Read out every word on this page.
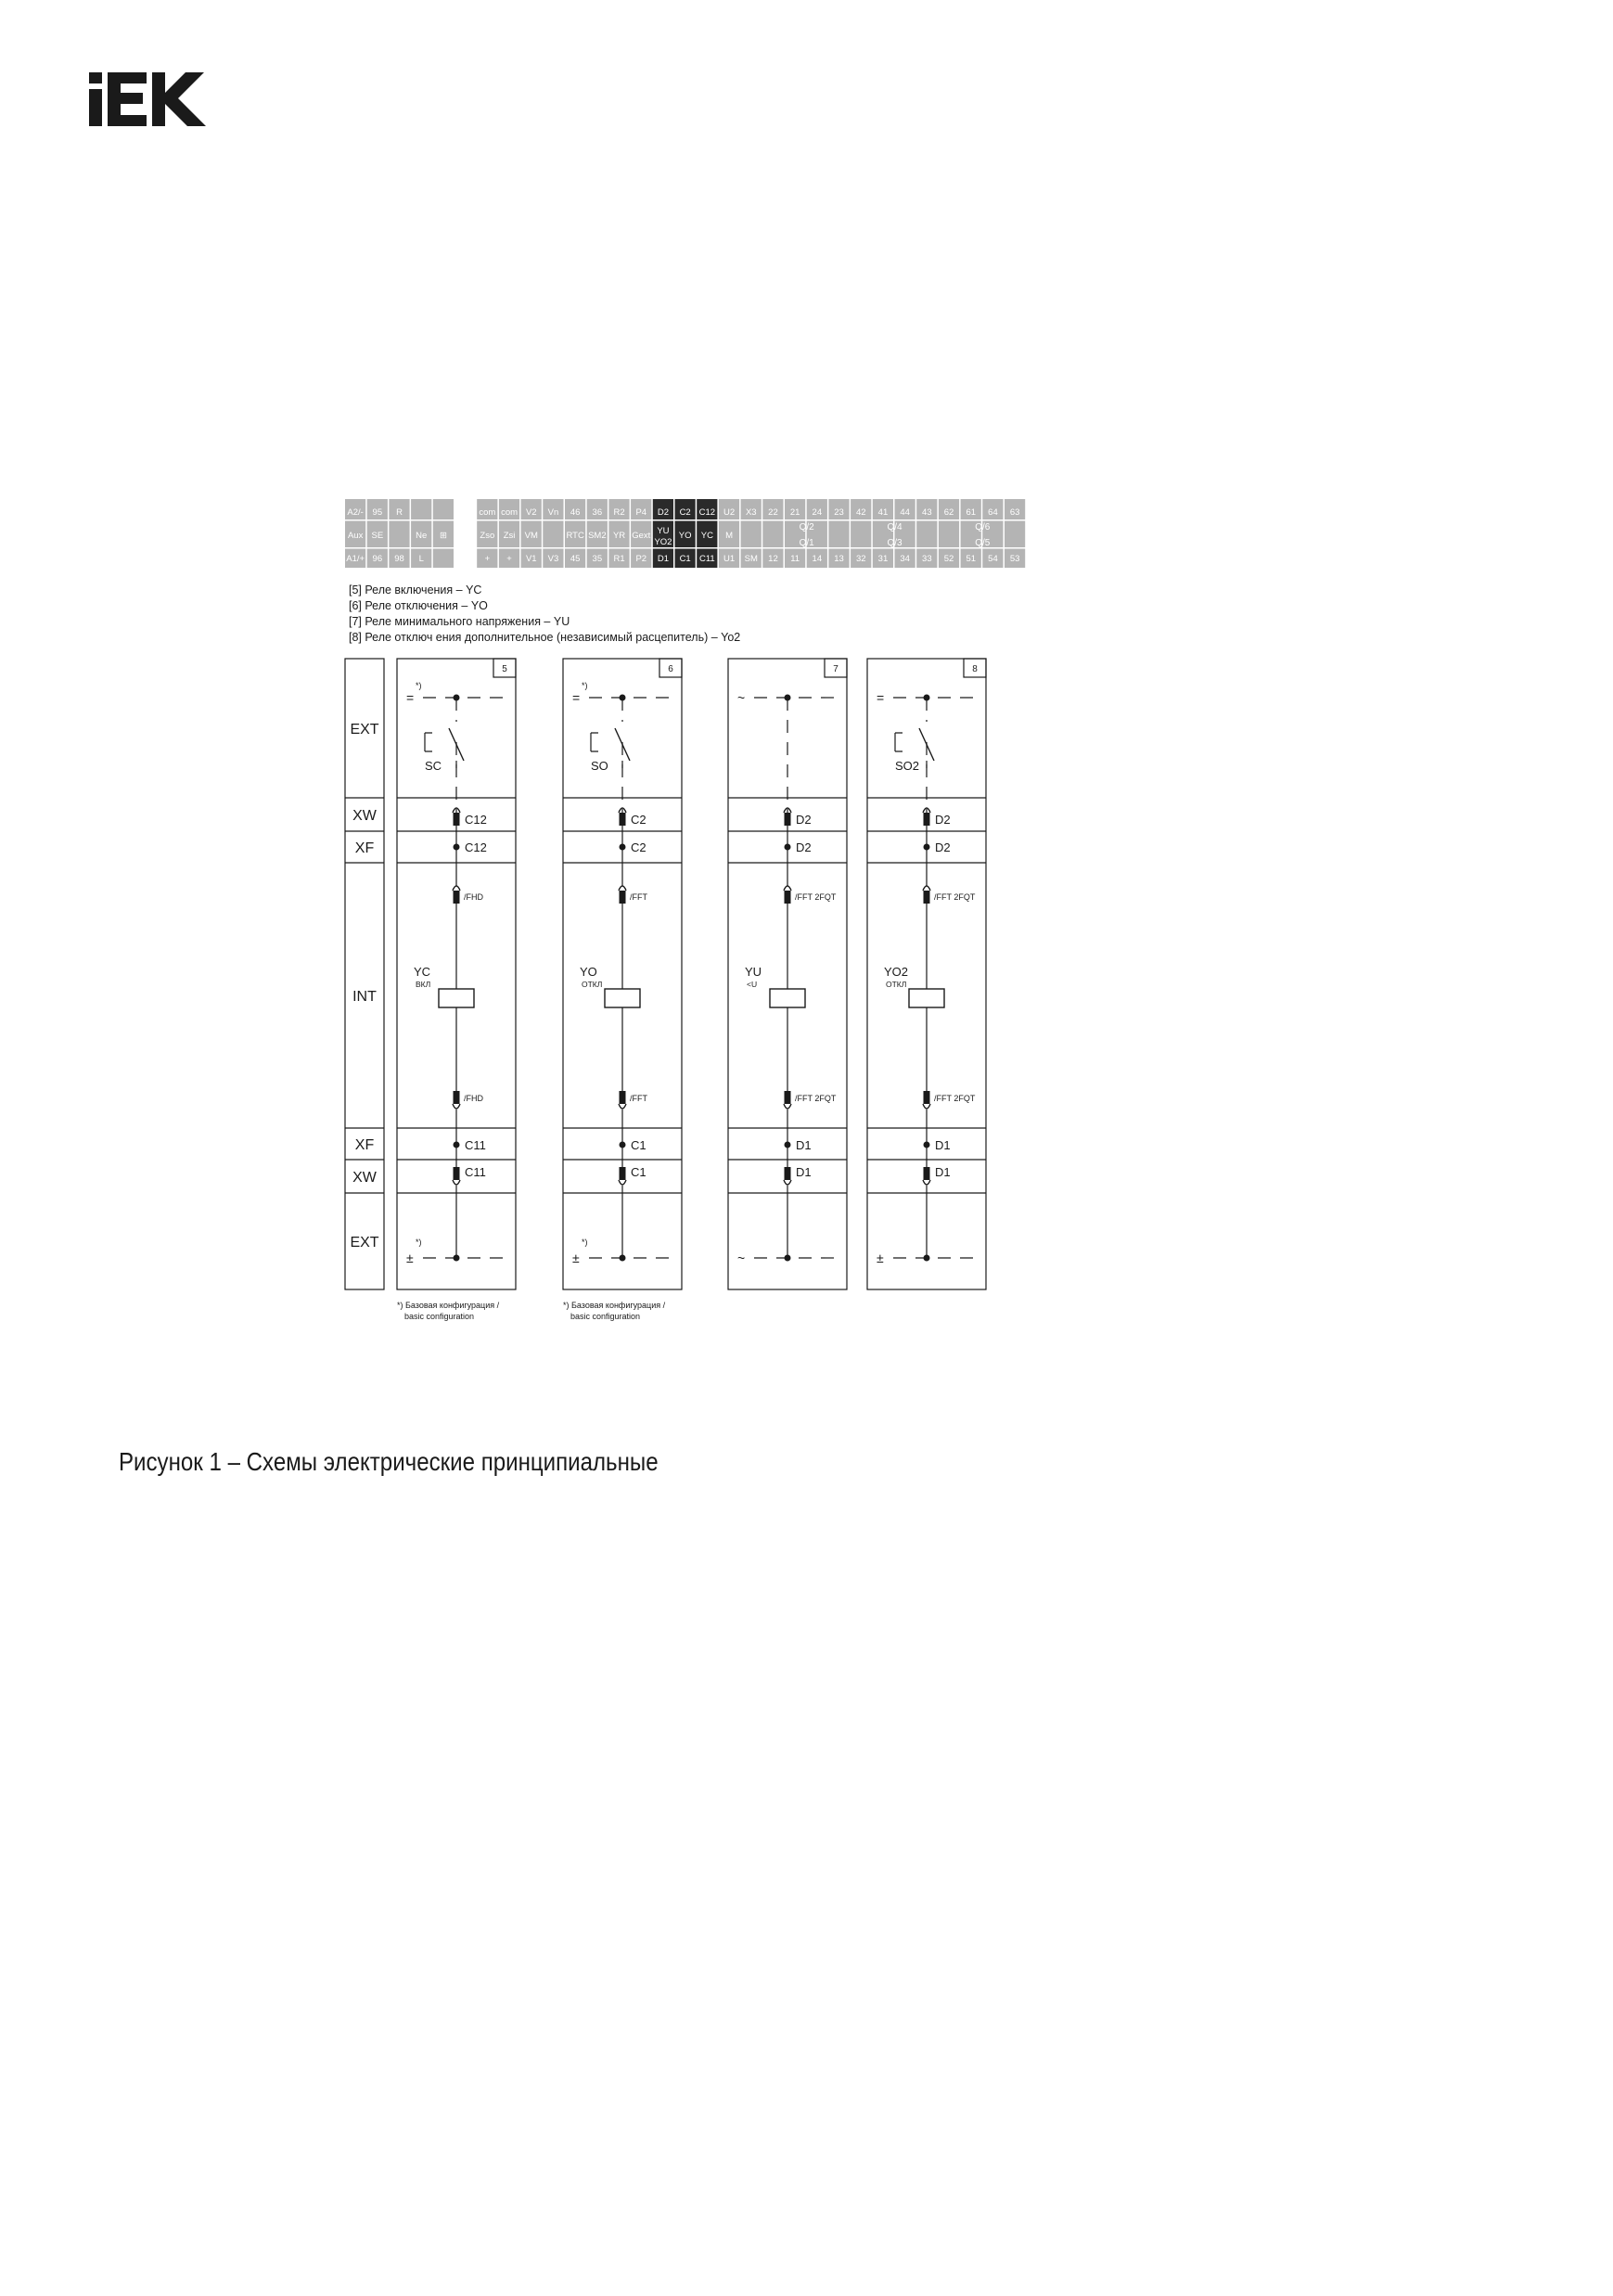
A2/-
Aux
A1/+
95
SE
96
R
98
Ne
L
⊞
com
Zso
+
com
Zsi
+
V2
VM
V1
Vn
V3
46
RTC
45
36
SM2
35
R2
YR
R1
P4
Gext
P2
D2
YU
YO2
D1
C2
YO
C1
C12
YC
C11
U2
M
U1
X3
SM
22
12
21
11
24
14
23
13
42
32
41
31
44
34
43
33
62
52
61
51
64
54
63
53
Q/2
Q/1
Q/4
Q/3
Q/6
Q/5
[5] Реле включения – YC
[6] Реле отключения – YO
[7] Реле минимального напряжения – YU
[8] Реле отключ ения дополнительное (независимый расцепитель) – Yo2
EXT
XW
XF
INT
XF
XW
EXT
5
=
*)
SC
C12
C12
/FHD
YC
ВКЛ
/FHD
C11
C11
±
*)
6
=
*)
SO
C2
C2
/FFT
YO
ОТКЛ
/FFT
C1
C1
±
*)
7
~
D2
D2
/FFT 2FQT
YU
<U
/FFT 2FQT
D1
D1
~
8
=
SO2
D2
D2
/FFT 2FQT
YO2
ОТКЛ
/FFT 2FQT
D1
D1
±
*) Базовая конфигурация /
basic configuration
*) Базовая конфигурация /
basic configuration
Рисунок 1 – Схемы электрические принципиальные
